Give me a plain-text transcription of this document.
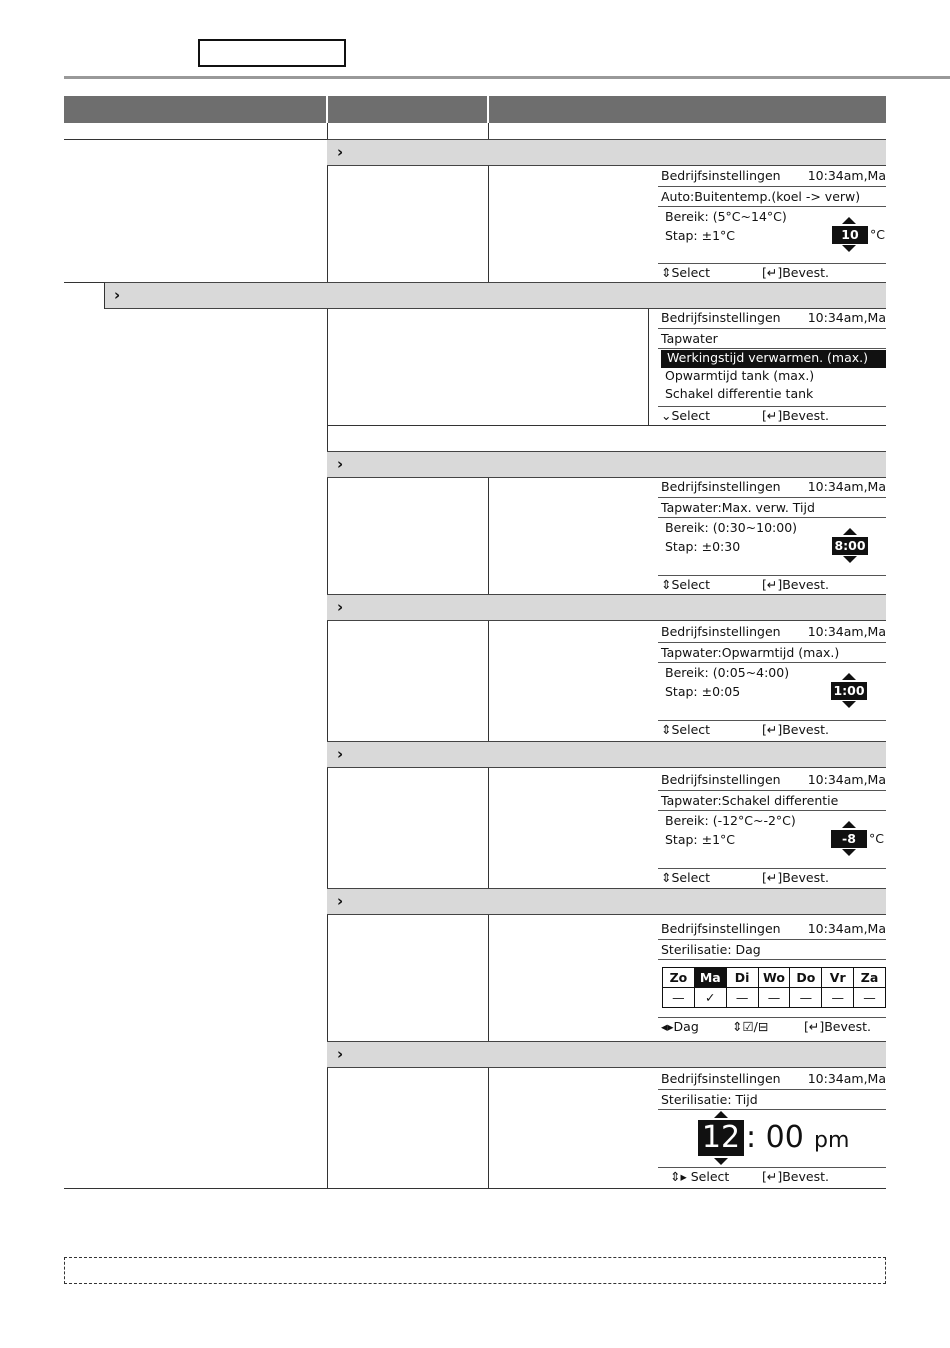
›
›
›
›
›
›
›
Bedrijfsinstellingen 10:34am,Ma
Auto:Buitentemp.(koel -> verw)
Bereik: (5°C~14°C)
Stap: ±1°C	10 °C
⇕Select	[↵]Bevest.
Bedrijfsinstellingen 10:34am,Ma
Tapwater
Werkingstijd verwarmen. (max.)
Opwarmtijd tank (max.)
Schakel differentie tank
⌄Select	[↵]Bevest.
Bedrijfsinstellingen 10:34am,Ma
Tapwater:Max. verw. Tijd
Bereik: (0:30~10:00)
Stap: ±0:30	8:00
⇕Select	[↵]Bevest.
Bedrijfsinstellingen 10:34am,Ma
Tapwater:Opwarmtijd (max.)
Bereik: (0:05~4:00)
Stap: ±0:05	1:00
⇕Select	[↵]Bevest.
Bedrijfsinstellingen 10:34am,Ma
Tapwater:Schakel differentie
Bereik: (-12°C~-2°C)
Stap: ±1°C	-8	°C
⇕Select	[↵]Bevest.
Bedrijfsinstellingen 10:34am,Ma
Sterilisatie: Dag
Zo	Ma	Di	Wo	Do	Vr	Za
—	✓	—	—	—	—	—
◂▸Dag	⇕☑/⊟	[↵]Bevest.
Bedrijfsinstellingen 10:34am,Ma
Sterilisatie: Tijd
12 : 00 pm
⇕▸ Select	[↵]Bevest.
